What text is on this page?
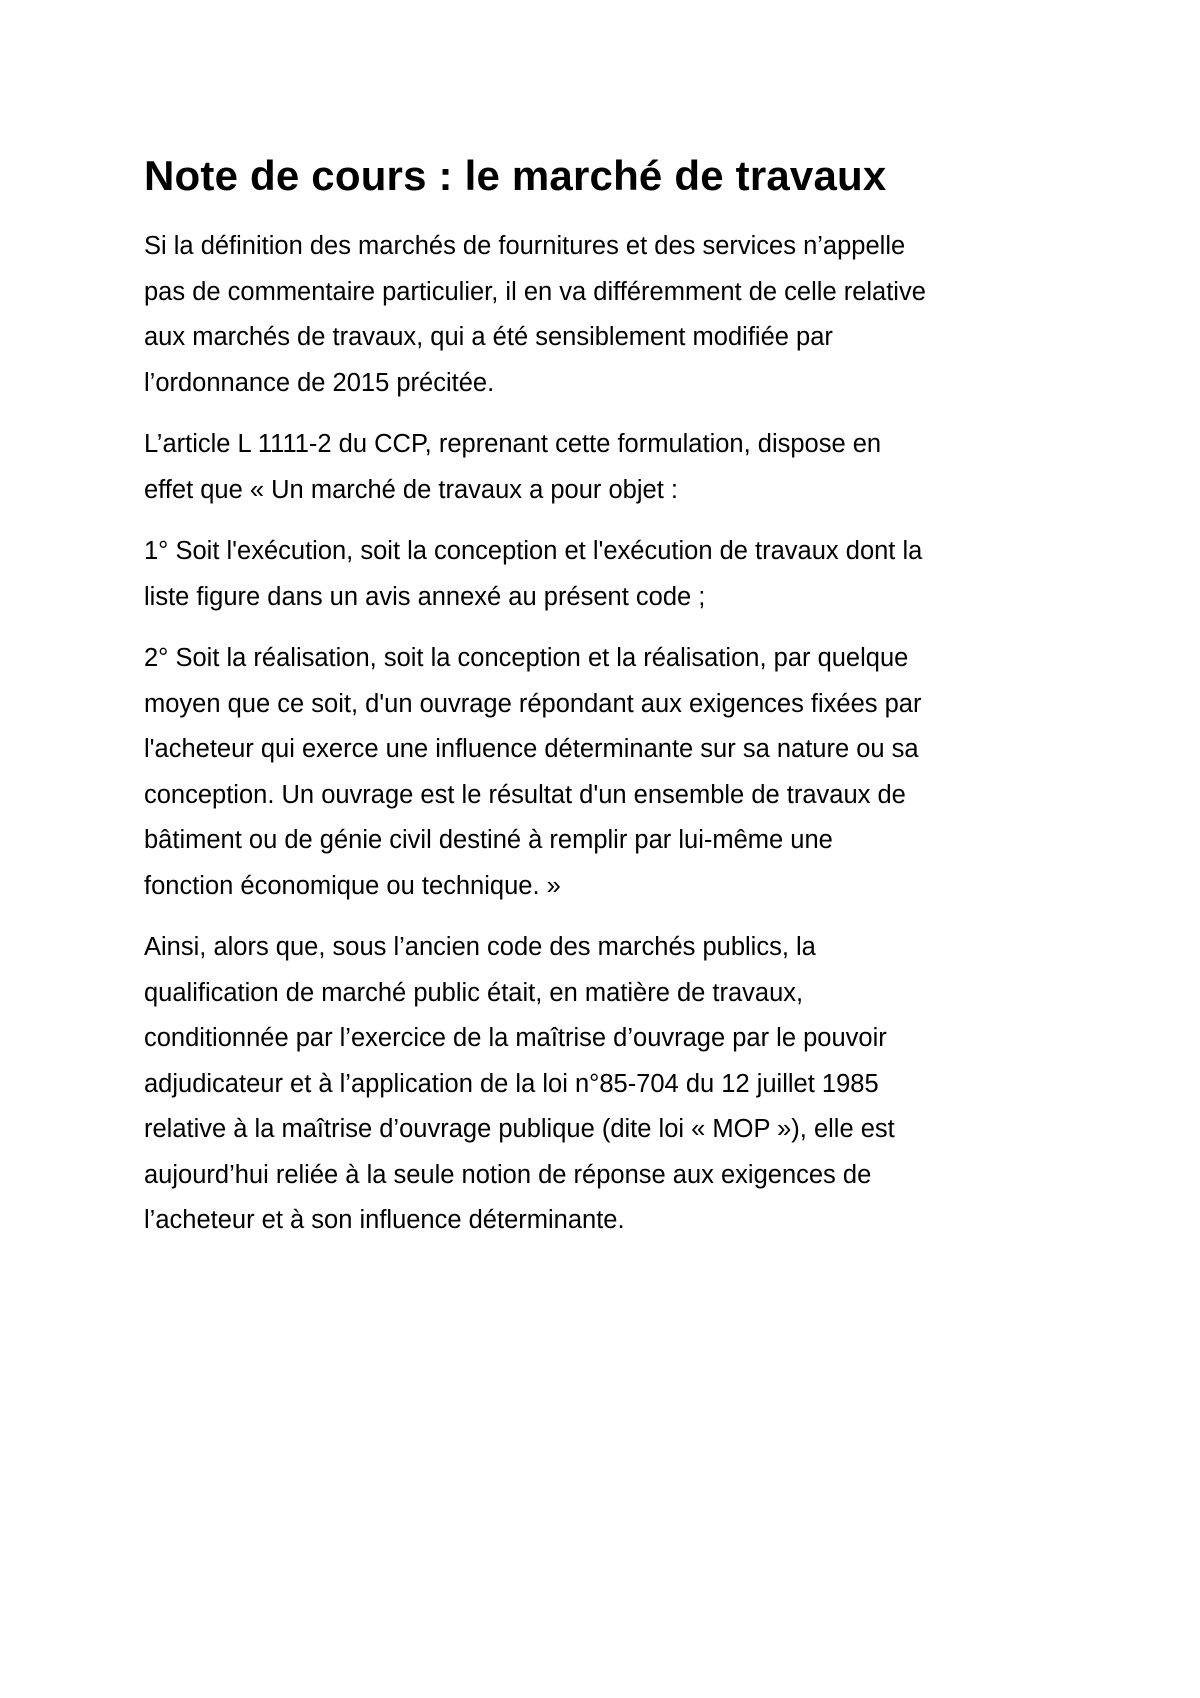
Note de cours : le marché de travaux

Si la définition des marchés de fournitures et des services n’appelle
pas de commentaire particulier, il en va différemment de celle relative
aux marchés de travaux, qui a été sensiblement modifiée par
l’ordonnance de 2015 précitée.

L’article L 1111-2 du CCP, reprenant cette formulation, dispose en
effet que « Un marché de travaux a pour objet :

1° Soit l'exécution, soit la conception et l'exécution de travaux dont la
liste figure dans un avis annexé au présent code ;

2° Soit la réalisation, soit la conception et la réalisation, par quelque
moyen que ce soit, d'un ouvrage répondant aux exigences fixées par
l'acheteur qui exerce une influence déterminante sur sa nature ou sa
conception. Un ouvrage est le résultat d'un ensemble de travaux de
bâtiment ou de génie civil destiné à remplir par lui-même une
fonction économique ou technique. »

Ainsi, alors que, sous l’ancien code des marchés publics, la
qualification de marché public était, en matière de travaux,
conditionnée par l’exercice de la maîtrise d’ouvrage par le pouvoir
adjudicateur et à l’application de la loi n°85-704 du 12 juillet 1985
relative à la maîtrise d’ouvrage publique (dite loi « MOP »), elle est
aujourd’hui reliée à la seule notion de réponse aux exigences de
l’acheteur et à son influence déterminante.
